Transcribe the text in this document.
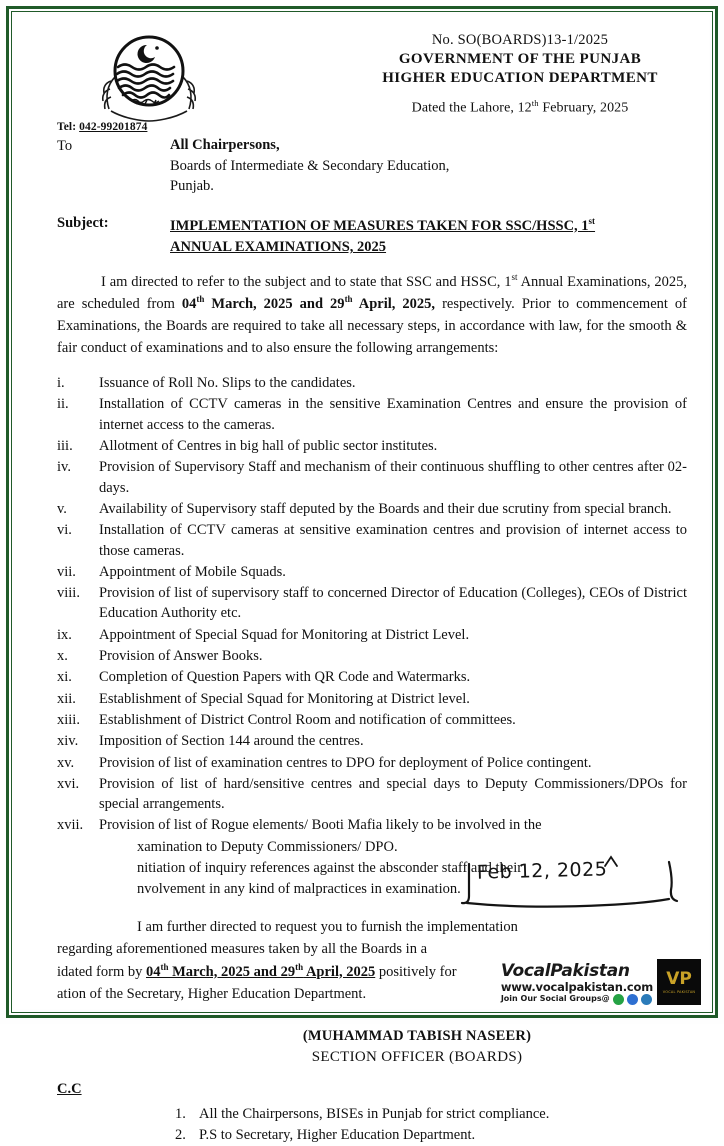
Tel: 042-99201874
No. SO(BOARDS)13-1/2025
GOVERNMENT OF THE PUNJAB
HIGHER EDUCATION DEPARTMENT
Dated the Lahore, 12th February, 2025
To	All Chairpersons,
Boards of Intermediate & Secondary Education,
Punjab.
Subject:	IMPLEMENTATION OF MEASURES TAKEN FOR SSC/HSSC, 1st
ANNUAL EXAMINATIONS, 2025

I am directed to refer to the subject and to state that SSC and HSSC, 1st Annual Examinations, 2025, are scheduled from 04th March, 2025 and 29th April, 2025, respectively. Prior to commencement of Examinations, the Boards are required to take all necessary steps, in accordance with law, for the smooth & fair conduct of examinations and to also ensure the following arrangements:

i.	Issuance of Roll No. Slips to the candidates.
ii.	Installation of CCTV cameras in the sensitive Examination Centres and ensure the provision of internet access to the cameras.
iii.	Allotment of Centres in big hall of public sector institutes.
iv.	Provision of Supervisory Staff and mechanism of their continuous shuffling to other centres after 02-days.
v.	Availability of Supervisory staff deputed by the Boards and their due scrutiny from special branch.
vi.	Installation of CCTV cameras at sensitive examination centres and provision of internet access to those cameras.
vii.	Appointment of Mobile Squads.
viii.	Provision of list of supervisory staff to concerned Director of Education (Colleges), CEOs of District Education Authority etc.
ix.	Appointment of Special Squad for Monitoring at District Level.
x.	Provision of Answer Books.
xi.	Completion of Question Papers with QR Code and Watermarks.
xii.	Establishment of Special Squad for Monitoring at District level.
xiii.	Establishment of District Control Room and notification of committees.
xiv.	Imposition of Section 144 around the centres.
xv.	Provision of list of examination centres to DPO for deployment of Police contingent.
xvi.	Provision of list of hard/sensitive centres and special days to Deputy Commissioners/DPOs for special arrangements.
xvii.	Provision of list of Rogue elements/ Booti Mafia likely to be involved in the
xamination to Deputy Commissioners/ DPO.
nitiation of inquiry references against the absconder staff and their
nvolvement in any kind of malpractices in examination.
I am further directed to request you to furnish the implementation
regarding aforementioned measures taken by all the Boards in a
idated form by 04th March, 2025 and 29th April, 2025 positively for
ation of the Secretary, Higher Education Department.
(MUHAMMAD TABISH NASEER)
SECTION OFFICER (BOARDS)
C.C
1. All the Chairpersons, BISEs in Punjab for strict compliance.
2. P.S to Secretary, Higher Education Department.
VocalPakistan
www.vocalpakistan.com
Join Our Social Groups@
VP
VOCAL PAKISTAN
Feb 12, 2025
